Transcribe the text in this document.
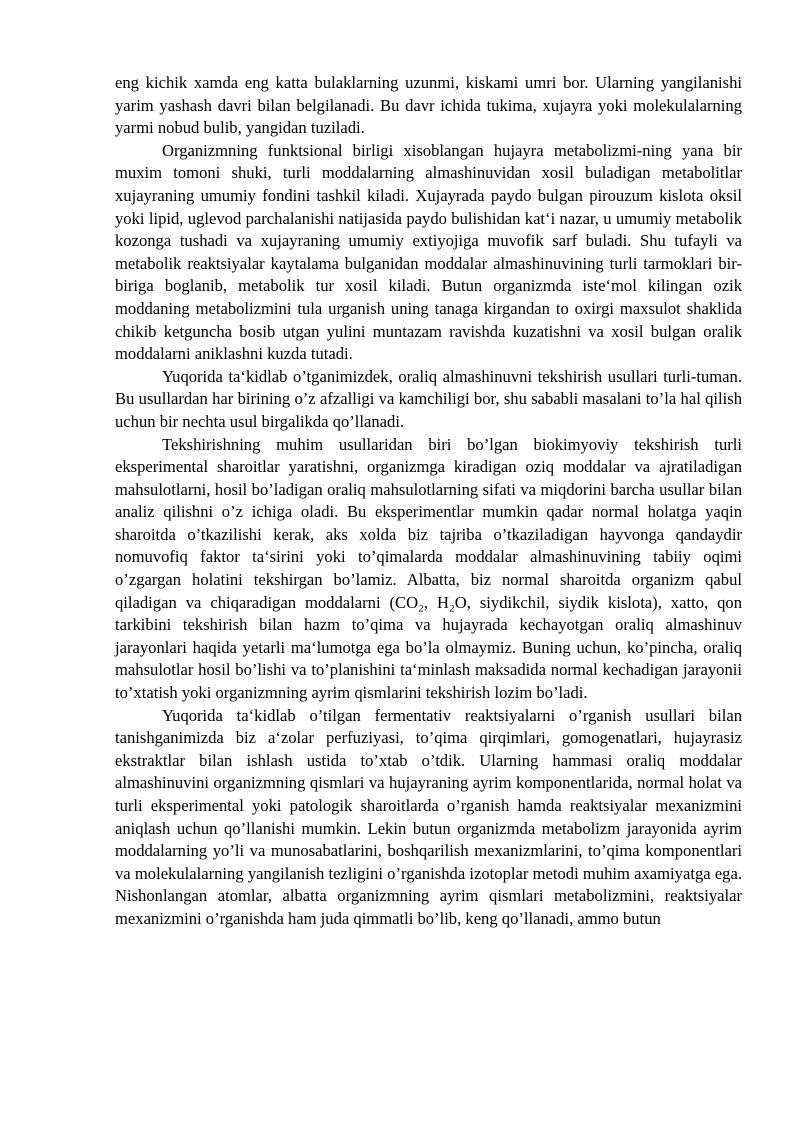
eng kichik xamda eng katta bulaklarning uzunmi, kiskami umri bor. Ularning yangilanishi yarim yashash davri bilan belgilanadi. Bu davr ichida tukima, xujayra yoki molekulalarning yarmi nobud bulib, yangidan tuziladi.

Organizmning funktsional birligi xisoblangan hujayra metabolizmi-ning yana bir muxim tomoni shuki, turli moddalarning almashinuvidan xosil buladigan metabolitlar xujayraning umumiy fondini tashkil kiladi. Xujayrada paydo bulgan pirouzum kislota oksil yoki lipid, uglevod parchalanishi natijasida paydo bulishidan kat‘i nazar, u umumiy metabolik kozonga tushadi va xujayraning umumiy extiyojiga muvofik sarf buladi. Shu tufayli va metabolik reaktsiyalar kaytalama bulganidan moddalar almashinuvining turli tarmoklari bir-biriga boglanib, metabolik tur xosil kiladi. Butun organizmda iste‘mol kilingan ozik moddaning metabolizmini tula urganish uning tanaga kirgandan to oxirgi maxsulot shaklida chikib ketguncha bosib utgan yulini muntazam ravishda kuzatishni va xosil bulgan oralik moddalarni aniklashni kuzda tutadi.

Yuqorida ta‘kidlab o’tganimizdek, oraliq almashinuvni tekshirish usullari turli-tuman. Bu usullardan har birining o’z afzalligi va kamchiligi bor, shu sababli masalani to’la hal qilish uchun bir nechta usul birgalikda qo’llanadi.

Tekshirishning muhim usullaridan biri bo’lgan biokimyoviy tekshirish turli eksperimental sharoitlar yaratishni, organizmga kiradigan oziq moddalar va ajratiladigan mahsulotlarni, hosil bo’ladigan oraliq mahsulotlarning sifati va miqdorini barcha usullar bilan analiz qilishni o’z ichiga oladi. Bu eksperimentlar mumkin qadar normal holatga yaqin sharoitda o’tkazilishi kerak, aks xolda biz tajriba o’tkaziladigan hayvonga qandaydir nomuvofiq faktor ta‘sirini yoki to’qimalarda moddalar almashinuvining tabiiy oqimi o’zgargan holatini tekshirgan bo’lamiz. Albatta, biz normal sharoitda organizm qabul qiladigan va chiqaradigan moddalarni (CO₂, H₂O, siydikchil, siydik kislota), xatto, qon tarkibini tekshirish bilan hazm to’qima va hujayrada kechayotgan oraliq almashinuv jarayonlari haqida yetarli ma‘lumotga ega bo’la olmaymiz. Buning uchun, ko’pincha, oraliq mahsulotlar hosil bo’lishi va to’planishini ta‘minlash maksadida normal kechadigan jarayonii to’xtatish yoki organizmning ayrim qismlarini tekshirish lozim bo’ladi.

Yuqorida ta‘kidlab o’tilgan fermentativ reaktsiyalarni o’rganish usullari bilan tanishganimizda biz a‘zolar perfuziyasi, to’qima qirqimlari, gomogenatlari, hujayrasiz ekstraktlar bilan ishlash ustida to’xtab o’tdik. Ularning hammasi oraliq moddalar almashinuvini organizmning qismlari va hujayraning ayrim komponentlarida, normal holat va turli eksperimental yoki patologik sharoitlarda o’rganish hamda reaktsiyalar mexanizmini aniqlash uchun qo’llanishi mumkin. Lekin butun organizmda metabolizm jarayonida ayrim moddalarning yo’li va munosabatlarini, boshqarilish mexanizmlarini, to’qima komponentlari va molekulalarning yangilanish tezligini o’rganishda izotoplar metodi muhim axamiyatga ega. Nishonlangan atomlar, albatta organizmning ayrim qismlari metabolizmini, reaktsiyalar mexanizmini o’rganishda ham juda qimmatli bo’lib, keng qo’llanadi, ammo butun
